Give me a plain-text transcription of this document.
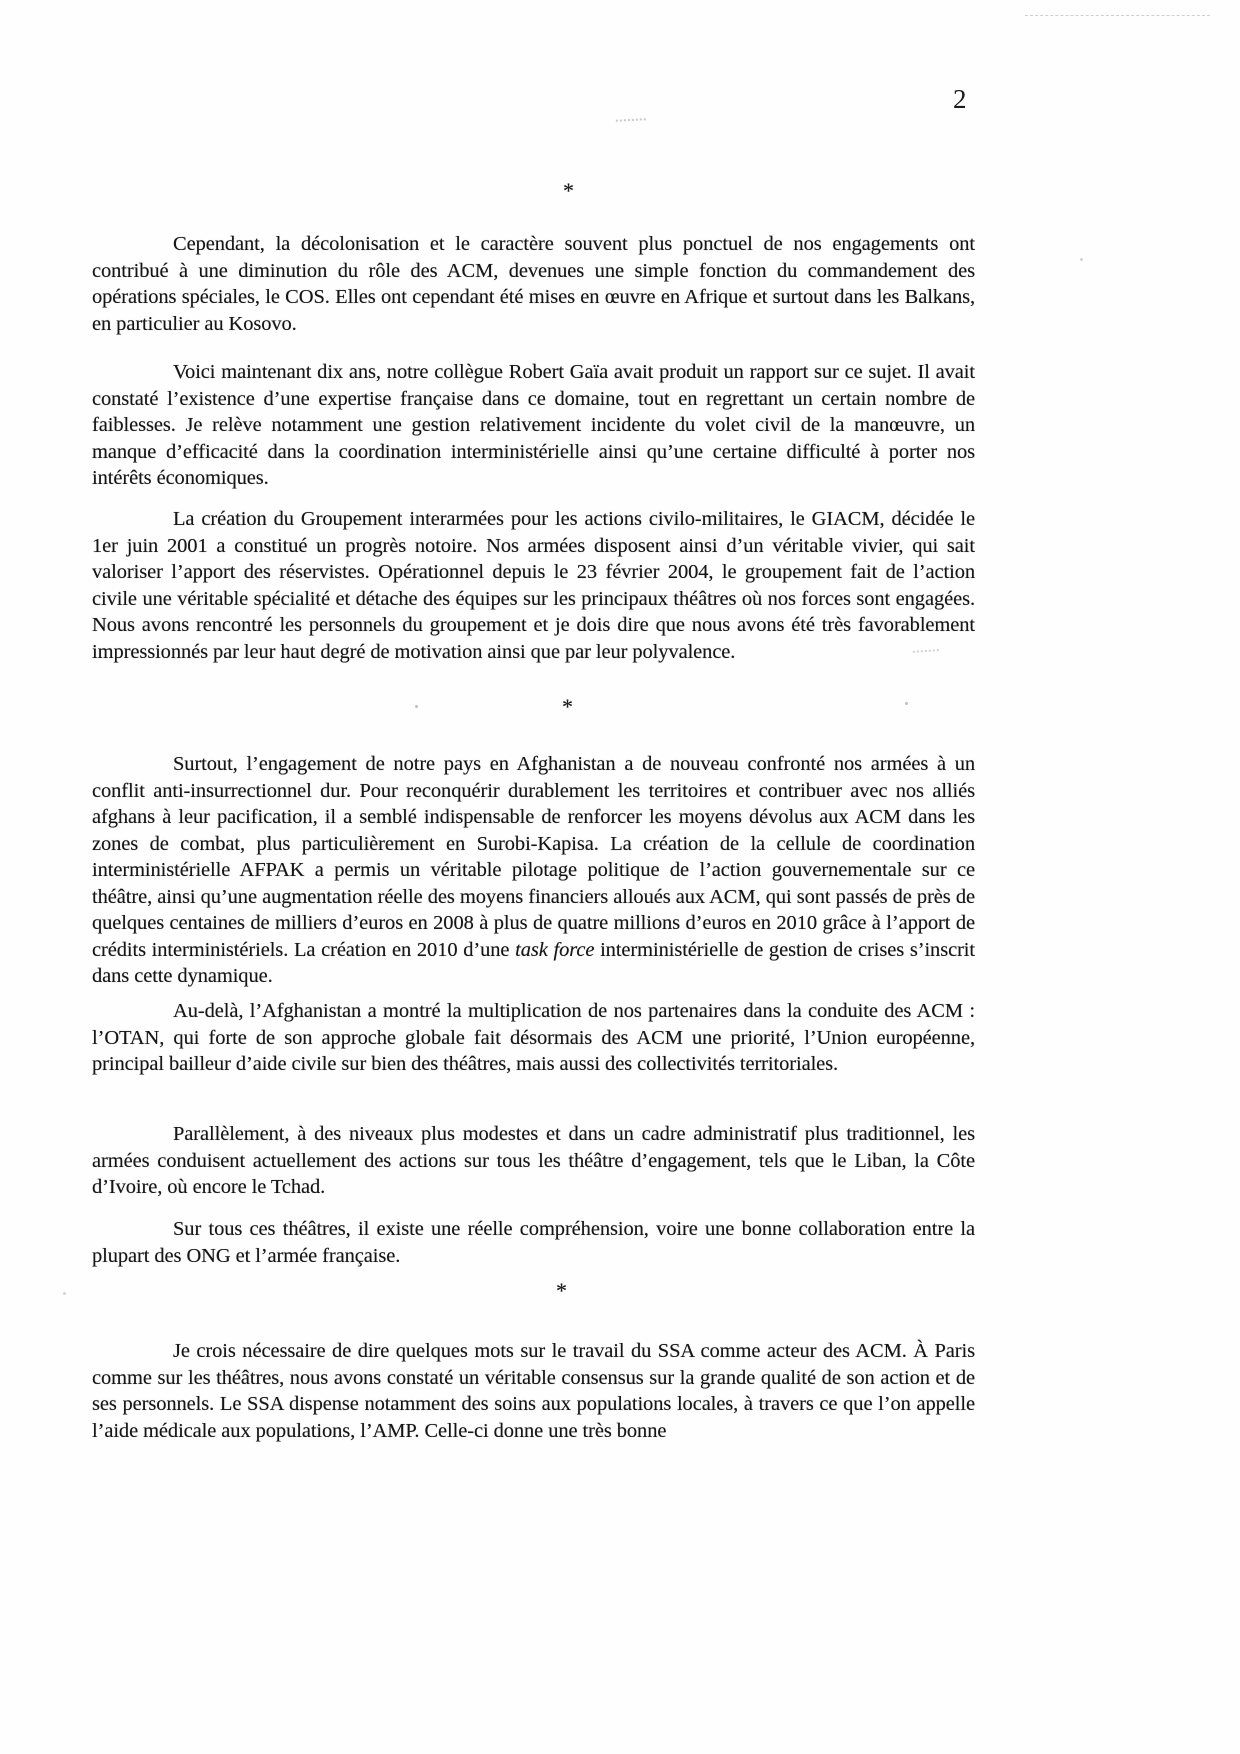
2
*

Cependant, la décolonisation et le caractère souvent plus ponctuel de nos engagements ont contribué à une diminution du rôle des ACM, devenues une simple fonction du commandement des opérations spéciales, le COS. Elles ont cependant été mises en œuvre en Afrique et surtout dans les Balkans, en particulier au Kosovo.

Voici maintenant dix ans, notre collègue Robert Gaïa avait produit un rapport sur ce sujet. Il avait constaté l’existence d’une expertise française dans ce domaine, tout en regrettant un certain nombre de faiblesses. Je relève notamment une gestion relativement incidente du volet civil de la manœuvre, un manque d’efficacité dans la coordination interministérielle ainsi qu’une certaine difficulté à porter nos intérêts économiques.

La création du Groupement interarmées pour les actions civilo-militaires, le GIACM, décidée le 1er juin 2001 a constitué un progrès notoire. Nos armées disposent ainsi d’un véritable vivier, qui sait valoriser l’apport des réservistes. Opérationnel depuis le 23 février 2004, le groupement fait de l’action civile une véritable spécialité et détache des équipes sur les principaux théâtres où nos forces sont engagées. Nous avons rencontré les personnels du groupement et je dois dire que nous avons été très favorablement impressionnés par leur haut degré de motivation ainsi que par leur polyvalence.

*

Surtout, l’engagement de notre pays en Afghanistan a de nouveau confronté nos armées à un conflit anti-insurrectionnel dur. Pour reconquérir durablement les territoires et contribuer avec nos alliés afghans à leur pacification, il a semblé indispensable de renforcer les moyens dévolus aux ACM dans les zones de combat, plus particulièrement en Surobi-Kapisa. La création de la cellule de coordination interministérielle AFPAK a permis un véritable pilotage politique de l’action gouvernementale sur ce théâtre, ainsi qu’une augmentation réelle des moyens financiers alloués aux ACM, qui sont passés de près de quelques centaines de milliers d’euros en 2008 à plus de quatre millions d’euros en 2010 grâce à l’apport de crédits interministériels. La création en 2010 d’une task force interministérielle de gestion de crises s’inscrit dans cette dynamique.

Au-delà, l’Afghanistan a montré la multiplication de nos partenaires dans la conduite des ACM : l’OTAN, qui forte de son approche globale fait désormais des ACM une priorité, l’Union européenne, principal bailleur d’aide civile sur bien des théâtres, mais aussi des collectivités territoriales.

Parallèlement, à des niveaux plus modestes et dans un cadre administratif plus traditionnel, les armées conduisent actuellement des actions sur tous les théâtre d’engagement, tels que le Liban, la Côte d’Ivoire, où encore le Tchad.

Sur tous ces théâtres, il existe une réelle compréhension, voire une bonne collaboration entre la plupart des ONG et l’armée française.

*

Je crois nécessaire de dire quelques mots sur le travail du SSA comme acteur des ACM. À Paris comme sur les théâtres, nous avons constaté un véritable consensus sur la grande qualité de son action et de ses personnels. Le SSA dispense notamment des soins aux populations locales, à travers ce que l’on appelle l’aide médicale aux populations, l’AMP. Celle-ci donne une très bonne
